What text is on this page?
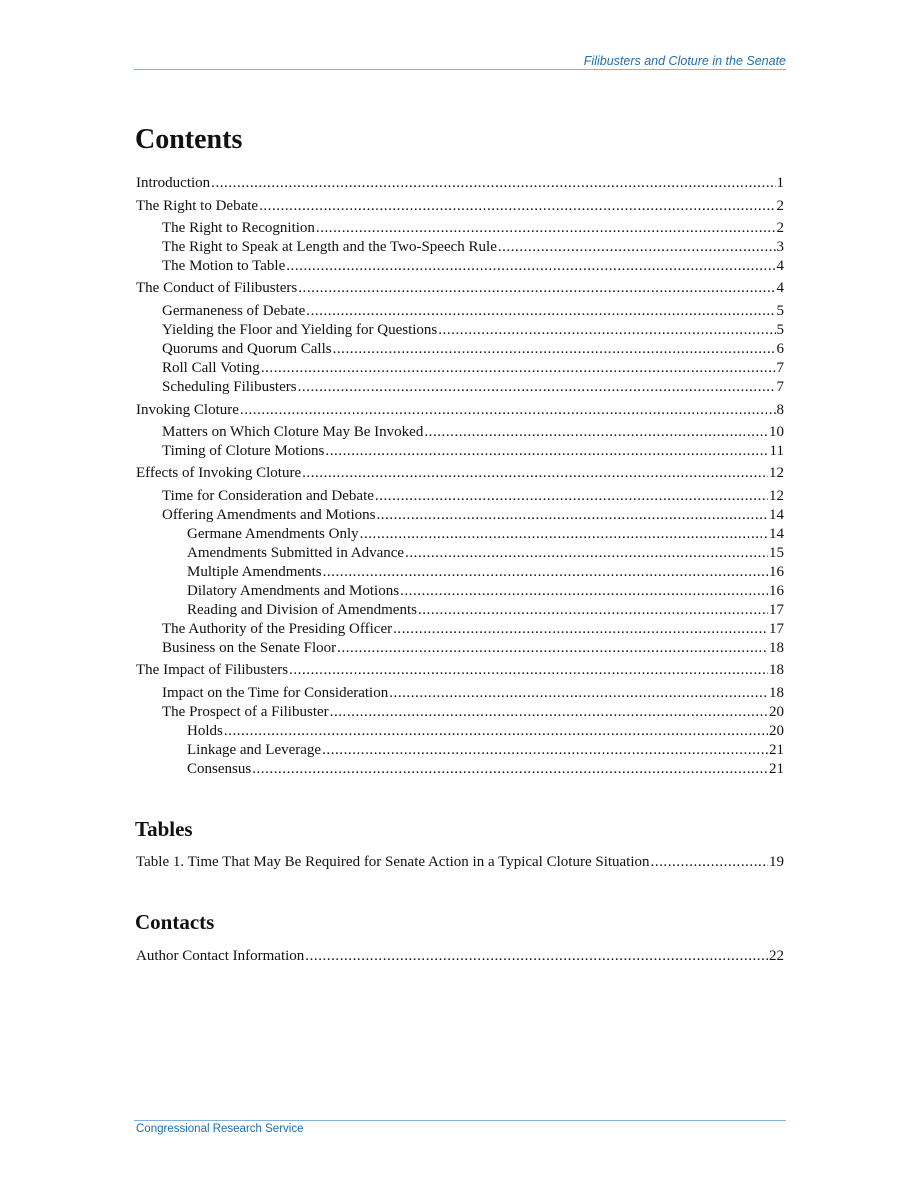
Filibusters and Cloture in the Senate
Contents
Introduction . . .	1
The Right to Debate . . .	2
The Right to Recognition . . .	2
The Right to Speak at Length and the Two-Speech Rule . . .	3
The Motion to Table . . .	4
The Conduct of Filibusters . . .	4
Germaneness of Debate . . .	5
Yielding the Floor and Yielding for Questions . . .	5
Quorums and Quorum Calls . . .	6
Roll Call Voting . . .	7
Scheduling Filibusters . . .	7
Invoking Cloture . . .	8
Matters on Which Cloture May Be Invoked . . .	10
Timing of Cloture Motions . . .	11
Effects of Invoking Cloture . . .	12
Time for Consideration and Debate . . .	12
Offering Amendments and Motions . . .	14
Germane Amendments Only . . .	14
Amendments Submitted in Advance . . .	15
Multiple Amendments . . .	16
Dilatory Amendments and Motions . . .	16
Reading and Division of Amendments . . .	17
The Authority of the Presiding Officer . . .	17
Business on the Senate Floor . . .	18
The Impact of Filibusters . . .	18
Impact on the Time for Consideration . . .	18
The Prospect of a Filibuster . . .	20
Holds . . .	20
Linkage and Leverage . . .	21
Consensus . . .	21
Tables
Table 1. Time That May Be Required for Senate Action in a Typical Cloture Situation . . .	19
Contacts
Author Contact Information . . .	22
Congressional Research Service
